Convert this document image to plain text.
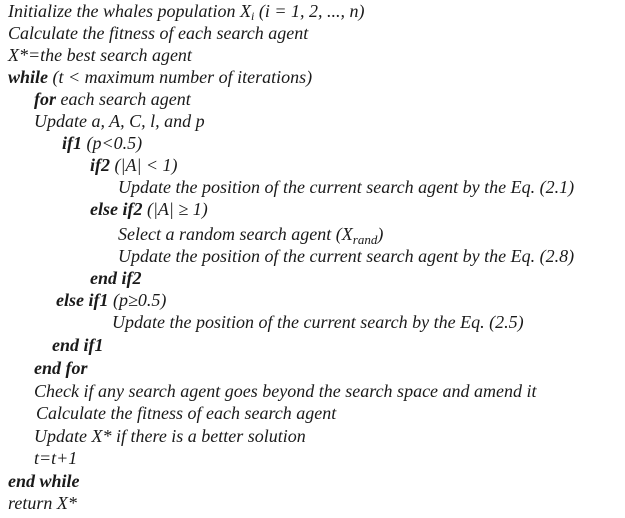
Initialize the whales population Xi (i = 1, 2, ..., n)
Calculate the fitness of each search agent
X*=the best search agent
while (t < maximum number of iterations)
for each search agent
Update a, A, C, l, and p
if1 (p<0.5)
if2 (|A| < 1)
Update the position of the current search agent by the Eq. (2.1)
else if2 (|A| ≥ 1)
Select a random search agent $(X_{rand})$
Update the position of the current search agent by the Eq. (2.8)
end if2
else if1 (p≥0.5)
Update the position of the current search by the Eq. (2.5)
end if1
end for
Check if any search agent goes beyond the search space and amend it
Calculate the fitness of each search agent
Update X* if there is a better solution
t=t+1
end while
return X*
